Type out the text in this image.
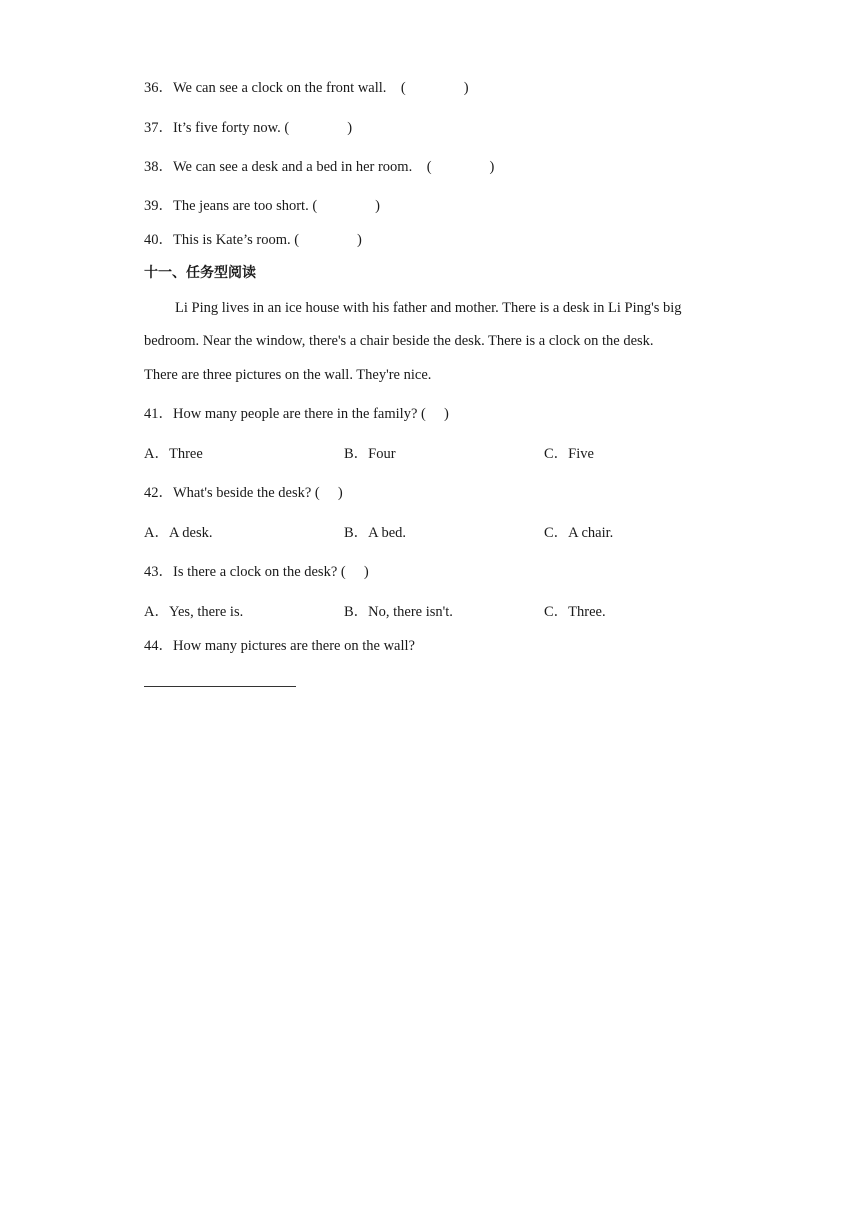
36．We can see a clock on the front wall.    (                )
37．It’s five forty now. (                )
38．We can see a desk and a bed in her room.    (                )
39．The jeans are too short. (                )
40．This is Kate’s room. (                )
十一、任务型阅读
Li Ping lives in an ice house with his father and mother. There is a desk in Li Ping's big
bedroom. Near the window, there's a chair beside the desk. There is a clock on the desk.
There are three pictures on the wall. They're nice.
41．How many people are there in the family? (     )
A．Three	B．Four	C．Five
42．What's beside the desk? (     )
A．A desk.	B．A bed.	C．A chair.
43．Is there a clock on the desk? (     )
A．Yes, there is.	B．No, there isn't.	C．Three.
44．How many pictures are there on the wall?
